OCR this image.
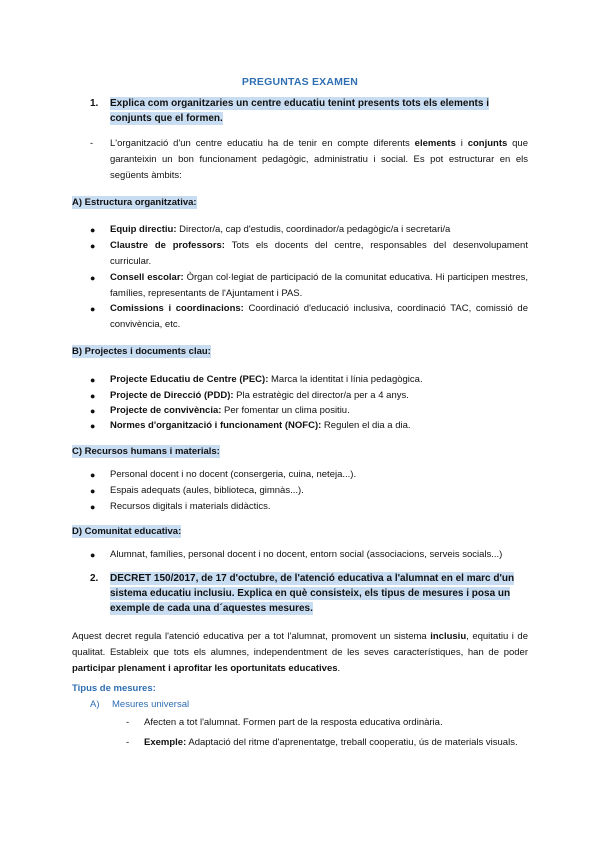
PREGUNTAS EXAMEN
1. Explica com organitzaries un centre educatiu tenint presents tots els elements i conjunts que el formen.
- L'organització d'un centre educatiu ha de tenir en compte diferents elements i conjunts que garanteixin un bon funcionament pedagògic, administratiu i social. Es pot estructurar en els següents àmbits:
A) Estructura organitzativa:
● Equip directiu: Director/a, cap d'estudis, coordinador/a pedagògic/a i secretari/a
● Claustre de professors: Tots els docents del centre, responsables del desenvolupament curricular.
● Consell escolar: Òrgan col·legiat de participació de la comunitat educativa. Hi participen mestres, famílies, representants de l'Ajuntament i PAS.
● Comissions i coordinacions: Coordinació d'educació inclusiva, coordinació TAC, comissió de convivència, etc.
B) Projectes i documents clau:
● Projecte Educatiu de Centre (PEC): Marca la identitat i línia pedagògica.
● Projecte de Direcció (PDD): Pla estratègic del director/a per a 4 anys.
● Projecte de convivència: Per fomentar un clima positiu.
● Normes d'organització i funcionament (NOFC): Regulen el dia a dia.
C) Recursos humans i materials:
● Personal docent i no docent (consergeria, cuina, neteja...).
● Espais adequats (aules, biblioteca, gimnàs...).
● Recursos digitals i materials didàctics.
D) Comunitat educativa:
● Alumnat, famílies, personal docent i no docent, entorn social (associacions, serveis socials...)
2. DECRET 150/2017, de 17 d'octubre, de l'atenció educativa a l'alumnat en el marc d'un sistema educatiu inclusiu. Explica en què consisteix, els tipus de mesures i posa un exemple de cada una d´aquestes mesures.
Aquest decret regula l'atenció educativa per a tot l'alumnat, promovent un sistema inclusiu, equitatiu i de qualitat. Estableix que tots els alumnes, independentment de les seves característiques, han de poder participar plenament i aprofitar les oportunitats educatives.
Tipus de mesures:
A) Mesures universal
- Afecten a tot l'alumnat. Formen part de la resposta educativa ordinària.
- Exemple: Adaptació del ritme d'aprenentatge, treball cooperatiu, ús de materials visuals.
